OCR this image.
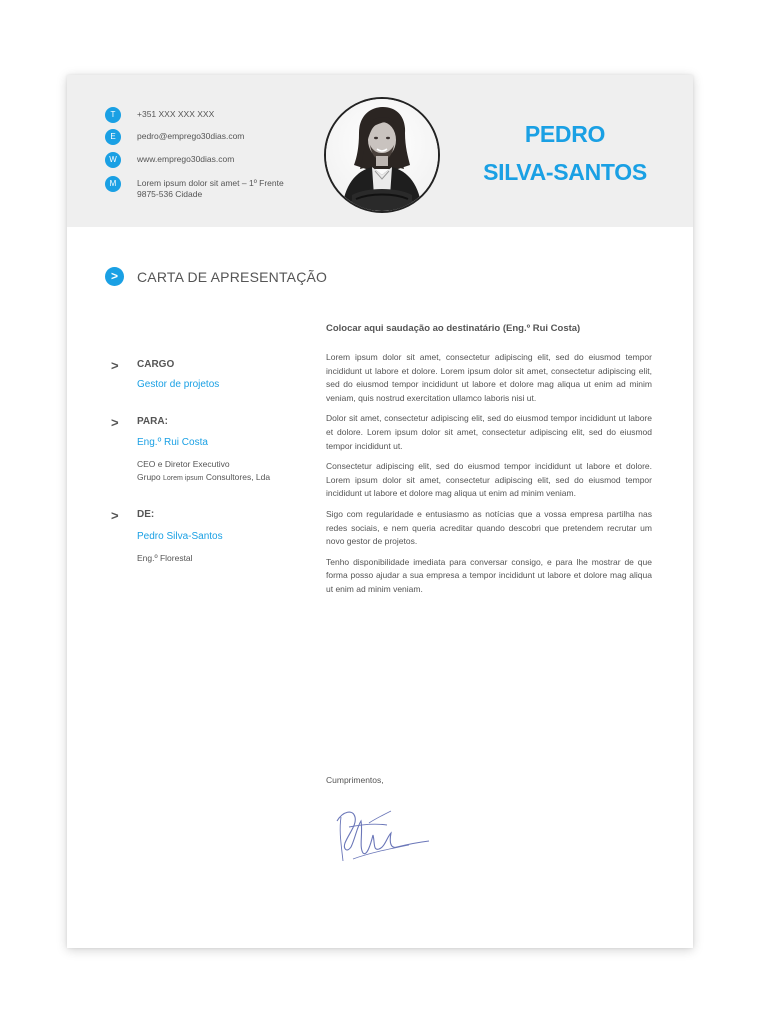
T	+351 XXX XXX XXX
E	pedro@emprego30dias.com
W	www.emprego30dias.com
M	Lorem ipsum dolor sit amet – 1º Frente
9875-536 Cidade
PEDRO
SILVA-SANTOS
>	CARTA DE APRESENTAÇÃO
> CARGO
Gestor de projetos
> PARA:
Eng.º Rui Costa
CEO e Diretor Executivo
Grupo Lorem ipsum Consultores, Lda
> DE:
Pedro Silva-Santos
Eng.º Florestal

Colocar aqui saudação ao destinatário (Eng.º Rui Costa)

Lorem ipsum dolor sit amet, consectetur adipiscing elit, sed do eiusmod tempor incididunt ut labore et dolore. Lorem ipsum dolor sit amet, consectetur adipiscing elit, sed do eiusmod tempor incididunt ut labore et dolore mag aliqua ut enim ad minim veniam, quis nostrud exercitation ullamco laboris nisi ut.

Dolor sit amet, consectetur adipiscing elit, sed do eiusmod tempor incididunt ut labore et dolore. Lorem ipsum dolor sit amet, consectetur adipiscing elit, sed do eiusmod tempor incididunt ut.

Consectetur adipiscing elit, sed do eiusmod tempor incididunt ut labore et dolore. Lorem ipsum dolor sit amet, consectetur adipiscing elit, sed do eiusmod tempor incididunt ut labore et dolore mag aliqua ut enim ad minim veniam.

Sigo com regularidade e entusiasmo as notícias que a vossa empresa partilha nas redes sociais, e nem queria acreditar quando descobri que pretendem recrutar um novo gestor de projetos.

Tenho disponibilidade imediata para conversar consigo, e para lhe mostrar de que forma posso ajudar a sua empresa a tempor incididunt ut labore et dolore mag aliqua ut enim ad minim veniam.

Cumprimentos,
